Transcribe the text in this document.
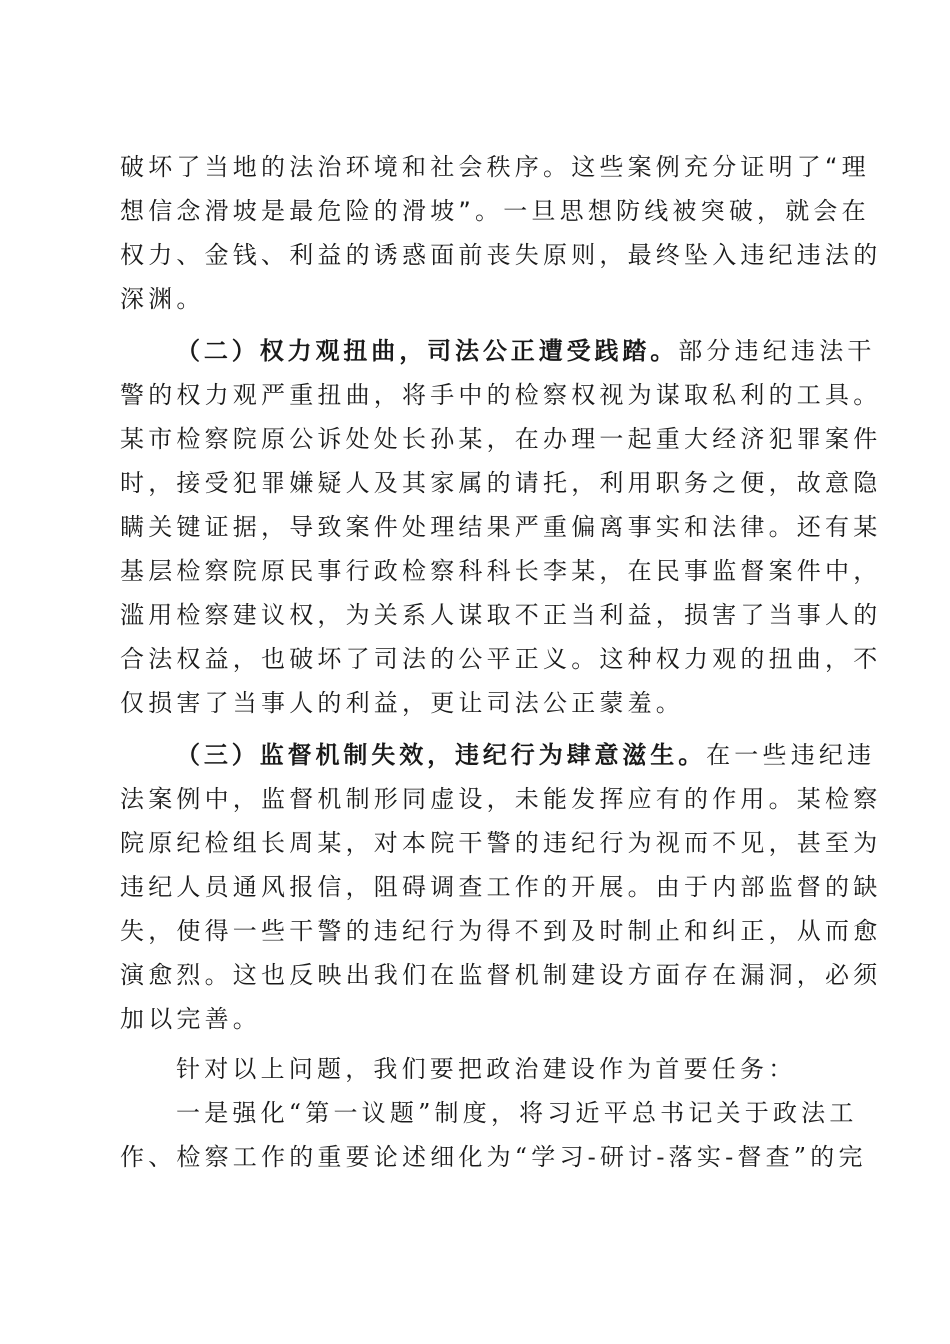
破坏了当地的法治环境和社会秩序。这些案例充分证明了“理
想信念滑坡是最危险的滑坡”。一旦思想防线被突破，就会在
权力、金钱、利益的诱惑面前丧失原则，最终坠入违纪违法的
深渊。
（二）权力观扭曲，司法公正遭受践踏。部分违纪违法干
警的权力观严重扭曲，将手中的检察权视为谋取私利的工具。
某市检察院原公诉处处长孙某，在办理一起重大经济犯罪案件
时，接受犯罪嫌疑人及其家属的请托，利用职务之便，故意隐
瞒关键证据，导致案件处理结果严重偏离事实和法律。还有某
基层检察院原民事行政检察科科长李某，在民事监督案件中，
滥用检察建议权，为关系人谋取不正当利益，损害了当事人的
合法权益，也破坏了司法的公平正义。这种权力观的扭曲，不
仅损害了当事人的利益，更让司法公正蒙羞。
（三）监督机制失效，违纪行为肆意滋生。在一些违纪违
法案例中，监督机制形同虚设，未能发挥应有的作用。某检察
院原纪检组长周某，对本院干警的违纪行为视而不见，甚至为
违纪人员通风报信，阻碍调查工作的开展。由于内部监督的缺
失，使得一些干警的违纪行为得不到及时制止和纠正，从而愈
演愈烈。这也反映出我们在监督机制建设方面存在漏洞，必须
加以完善。
针对以上问题，我们要把政治建设作为首要任务：
一是强化“第一议题”制度，将习近平总书记关于政法工
作、检察工作的重要论述细化为“学习-研讨-落实-督查”的完
